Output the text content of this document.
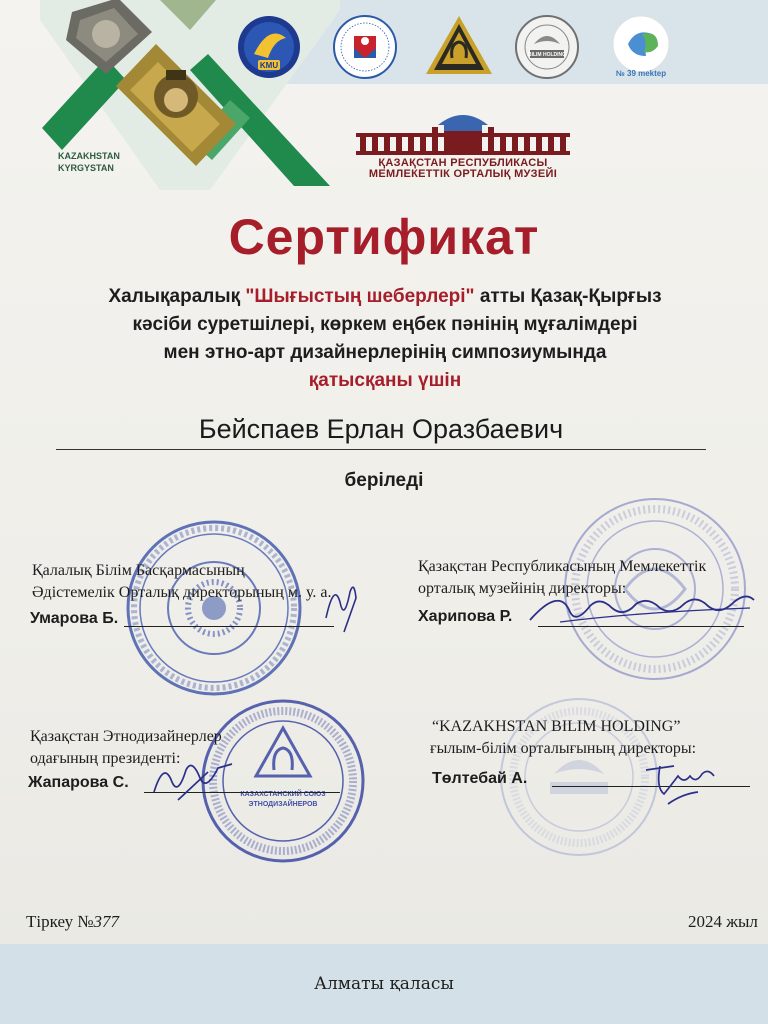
KAZAKHSTAN
KYRGYSTAN
KMU
BILIM HOLDING
№ 39 mektep
ҚАЗАҚСТАН РЕСПУБЛИКАСЫ
МЕМЛЕКЕТТІК ОРТАЛЫҚ МУЗЕЙІ
Сертификат
Халықаралық "Шығыстың шеберлері" атты Қазақ-Қырғыз
кәсіби суретшілері, көркем еңбек пәнінің мұғалімдері
мен этно-арт дизайнерлерінің симпозиумында
қатысқаны үшін
Бейспаев Ерлан Оразбаевич
беріледі
КАЗАХСТАНСКИЙ СОЮЗ
ЭТНОДИЗАЙНЕРОВ
Қалалық Білім Басқармасының
Әдістемелік Орталық директорының м. у. а.
Умарова Б.
Қазақстан Республикасының Мемлекеттік
орталық музейінің директоры:
Харипова Р.
Қазақстан Этнодизайнерлер
одағының президенті:
Жапарова С.
“KAZAKHSTAN BILIM HOLDING”
ғылым-білім орталығының директоры:
Төлтебай А.
Тіркеу №377	2024 жыл
Алматы қаласы
